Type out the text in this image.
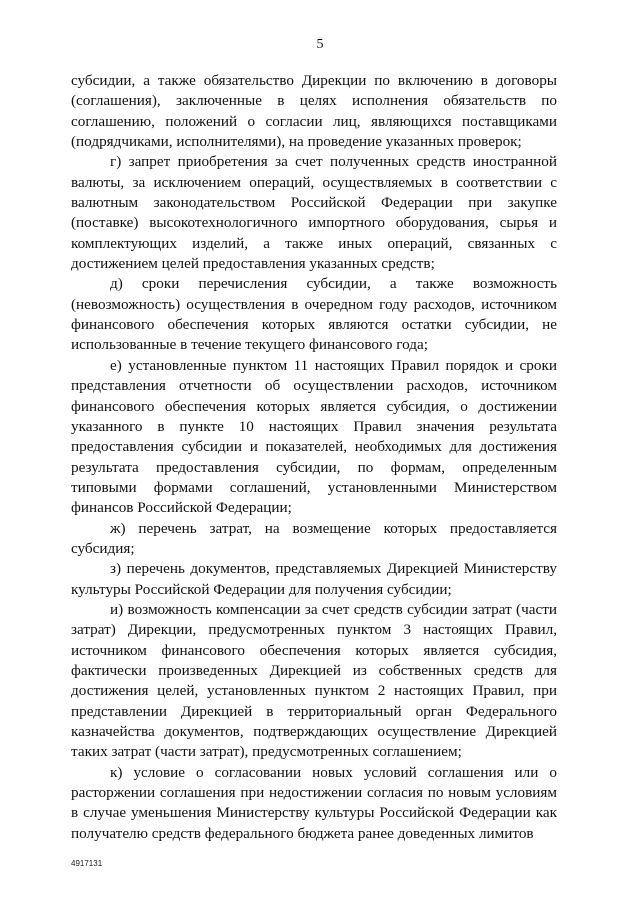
5

субсидии, а также обязательство Дирекции по включению в договоры (соглашения), заключенные в целях исполнения обязательств по соглашению, положений о согласии лиц, являющихся поставщиками (подрядчиками, исполнителями), на проведение указанных проверок;

г) запрет приобретения за счет полученных средств иностранной валюты, за исключением операций, осуществляемых в соответствии с валютным законодательством Российской Федерации при закупке (поставке) высокотехнологичного импортного оборудования, сырья и комплектующих изделий, а также иных операций, связанных с достижением целей предоставления указанных средств;

д) сроки перечисления субсидии, а также возможность (невозможность) осуществления в очередном году расходов, источником финансового обеспечения которых являются остатки субсидии, не использованные в течение текущего финансового года;

е) установленные пунктом 11 настоящих Правил порядок и сроки представления отчетности об осуществлении расходов, источником финансового обеспечения которых является субсидия, о достижении указанного в пункте 10 настоящих Правил значения результата предоставления субсидии и показателей, необходимых для достижения результата предоставления субсидии, по формам, определенным типовыми формами соглашений, установленными Министерством финансов Российской Федерации;

ж) перечень затрат, на возмещение которых предоставляется субсидия;

з) перечень документов, представляемых Дирекцией Министерству культуры Российской Федерации для получения субсидии;

и) возможность компенсации за счет средств субсидии затрат (части затрат) Дирекции, предусмотренных пунктом 3 настоящих Правил, источником финансового обеспечения которых является субсидия, фактически произведенных Дирекцией из собственных средств для достижения целей, установленных пунктом 2 настоящих Правил, при представлении Дирекцией в территориальный орган Федерального казначейства документов, подтверждающих осуществление Дирекцией таких затрат (части затрат), предусмотренных соглашением;

к) условие о согласовании новых условий соглашения или о расторжении соглашения при недостижении согласия по новым условиям в случае уменьшения Министерству культуры Российской Федерации как получателю средств федерального бюджета ранее доведенных лимитов

4917131
